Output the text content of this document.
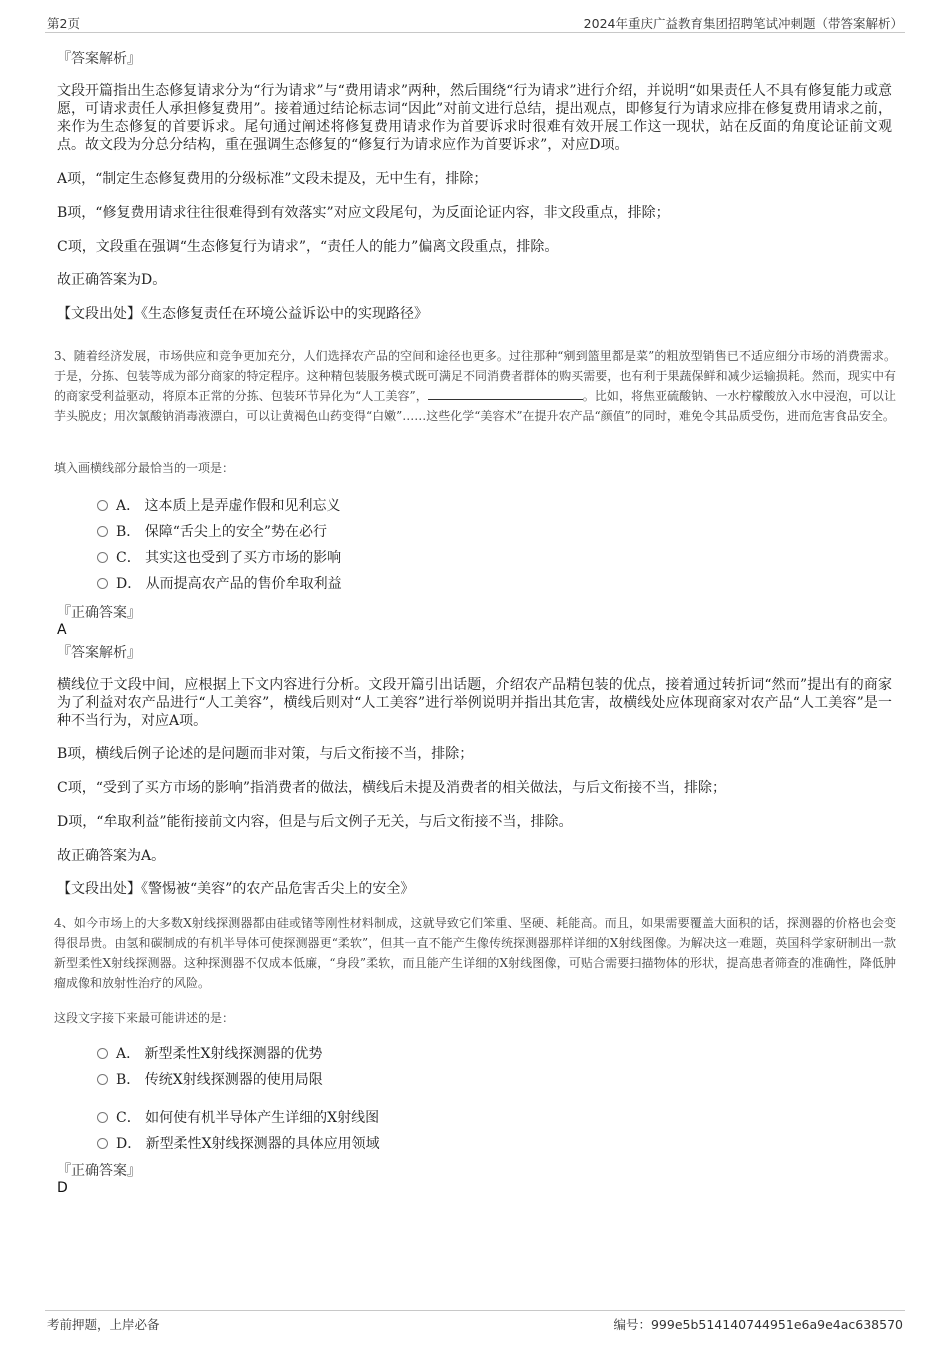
第2页	2024年重庆广益教育集团招聘笔试冲刺题（带答案解析）
『答案解析』
文段开篇指出生态修复请求分为“行为请求”与“费用请求”两种，然后围绕“行为请求”进行介绍，并说明“如果责任人不具有修复能力或意愿，可请求责任人承担修复费用”。接着通过结论标志词“因此”对前文进行总结，提出观点，即修复行为请求应排在修复费用请求之前，来作为生态修复的首要诉求。尾句通过阐述将修复费用请求作为首要诉求时很难有效开展工作这一现状，站在反面的角度论证前文观点。故文段为分总分结构，重在强调生态修复的“修复行为请求应作为首要诉求”，对应D项。
A项，“制定生态修复费用的分级标准”文段未提及，无中生有，排除；
B项，“修复费用请求往往很难得到有效落实”对应文段尾句，为反面论证内容，非文段重点，排除；
C项，文段重在强调“生态修复行为请求”，“责任人的能力”偏离文段重点，排除。
故正确答案为D。
【文段出处】《生态修复责任在环境公益诉讼中的实现路径》
3、随着经济发展，市场供应和竞争更加充分，人们选择农产品的空间和途径也更多。过往那种“剜到篮里都是菜”的粗放型销售已不适应细分市场的消费需求。于是，分拣、包装等成为部分商家的特定程序。这种精包装服务模式既可满足不同消费者群体的购买需要，也有利于果蔬保鲜和减少运输损耗。然而，现实中有的商家受利益驱动，将原本正常的分拣、包装环节异化为“人工美容”，	。比如，将焦亚硫酸钠、一水柠檬酸放入水中浸泡，可以让芋头脱皮；用次氯酸钠消毒液漂白，可以让黄褐色山药变得“白嫩”……这些化学“美容术”在提升农产品“颜值”的同时，难免令其品质受伤，进而危害食品安全。
填入画横线部分最恰当的一项是：
A． 这本质上是弄虚作假和见利忘义
B． 保障“舌尖上的安全”势在必行
C． 其实这也受到了买方市场的影响
D． 从而提高农产品的售价牟取利益
『正确答案』
A
『答案解析』
横线位于文段中间，应根据上下文内容进行分析。文段开篇引出话题，介绍农产品精包装的优点，接着通过转折词“然而”提出有的商家为了利益对农产品进行“人工美容”，横线后则对“人工美容”进行举例说明并指出其危害，故横线处应体现商家对农产品“人工美容”是一种不当行为，对应A项。
B项，横线后例子论述的是问题而非对策，与后文衔接不当，排除；
C项，“受到了买方市场的影响”指消费者的做法，横线后未提及消费者的相关做法，与后文衔接不当，排除；
D项，“牟取利益”能衔接前文内容，但是与后文例子无关，与后文衔接不当，排除。
故正确答案为A。
【文段出处】《警惕被“美容”的农产品危害舌尖上的安全》
4、如今市场上的大多数X射线探测器都由硅或锗等刚性材料制成，这就导致它们笨重、坚硬、耗能高。而且，如果需要覆盖大面积的话，探测器的价格也会变得很昂贵。由氢和碳制成的有机半导体可使探测器更“柔软”，但其一直不能产生像传统探测器那样详细的X射线图像。为解决这一难题，英国科学家研制出一款新型柔性X射线探测器。这种探测器不仅成本低廉，“身段”柔软，而且能产生详细的X射线图像，可贴合需要扫描物体的形状，提高患者筛查的准确性，降低肿瘤成像和放射性治疗的风险。
这段文字接下来最可能讲述的是：
A． 新型柔性X射线探测器的优势
B． 传统X射线探测器的使用局限
C． 如何使有机半导体产生详细的X射线图
D． 新型柔性X射线探测器的具体应用领域
『正确答案』
D
考前押题，上岸必备	编号：999e5b514140744951e6a9e4ac638570
